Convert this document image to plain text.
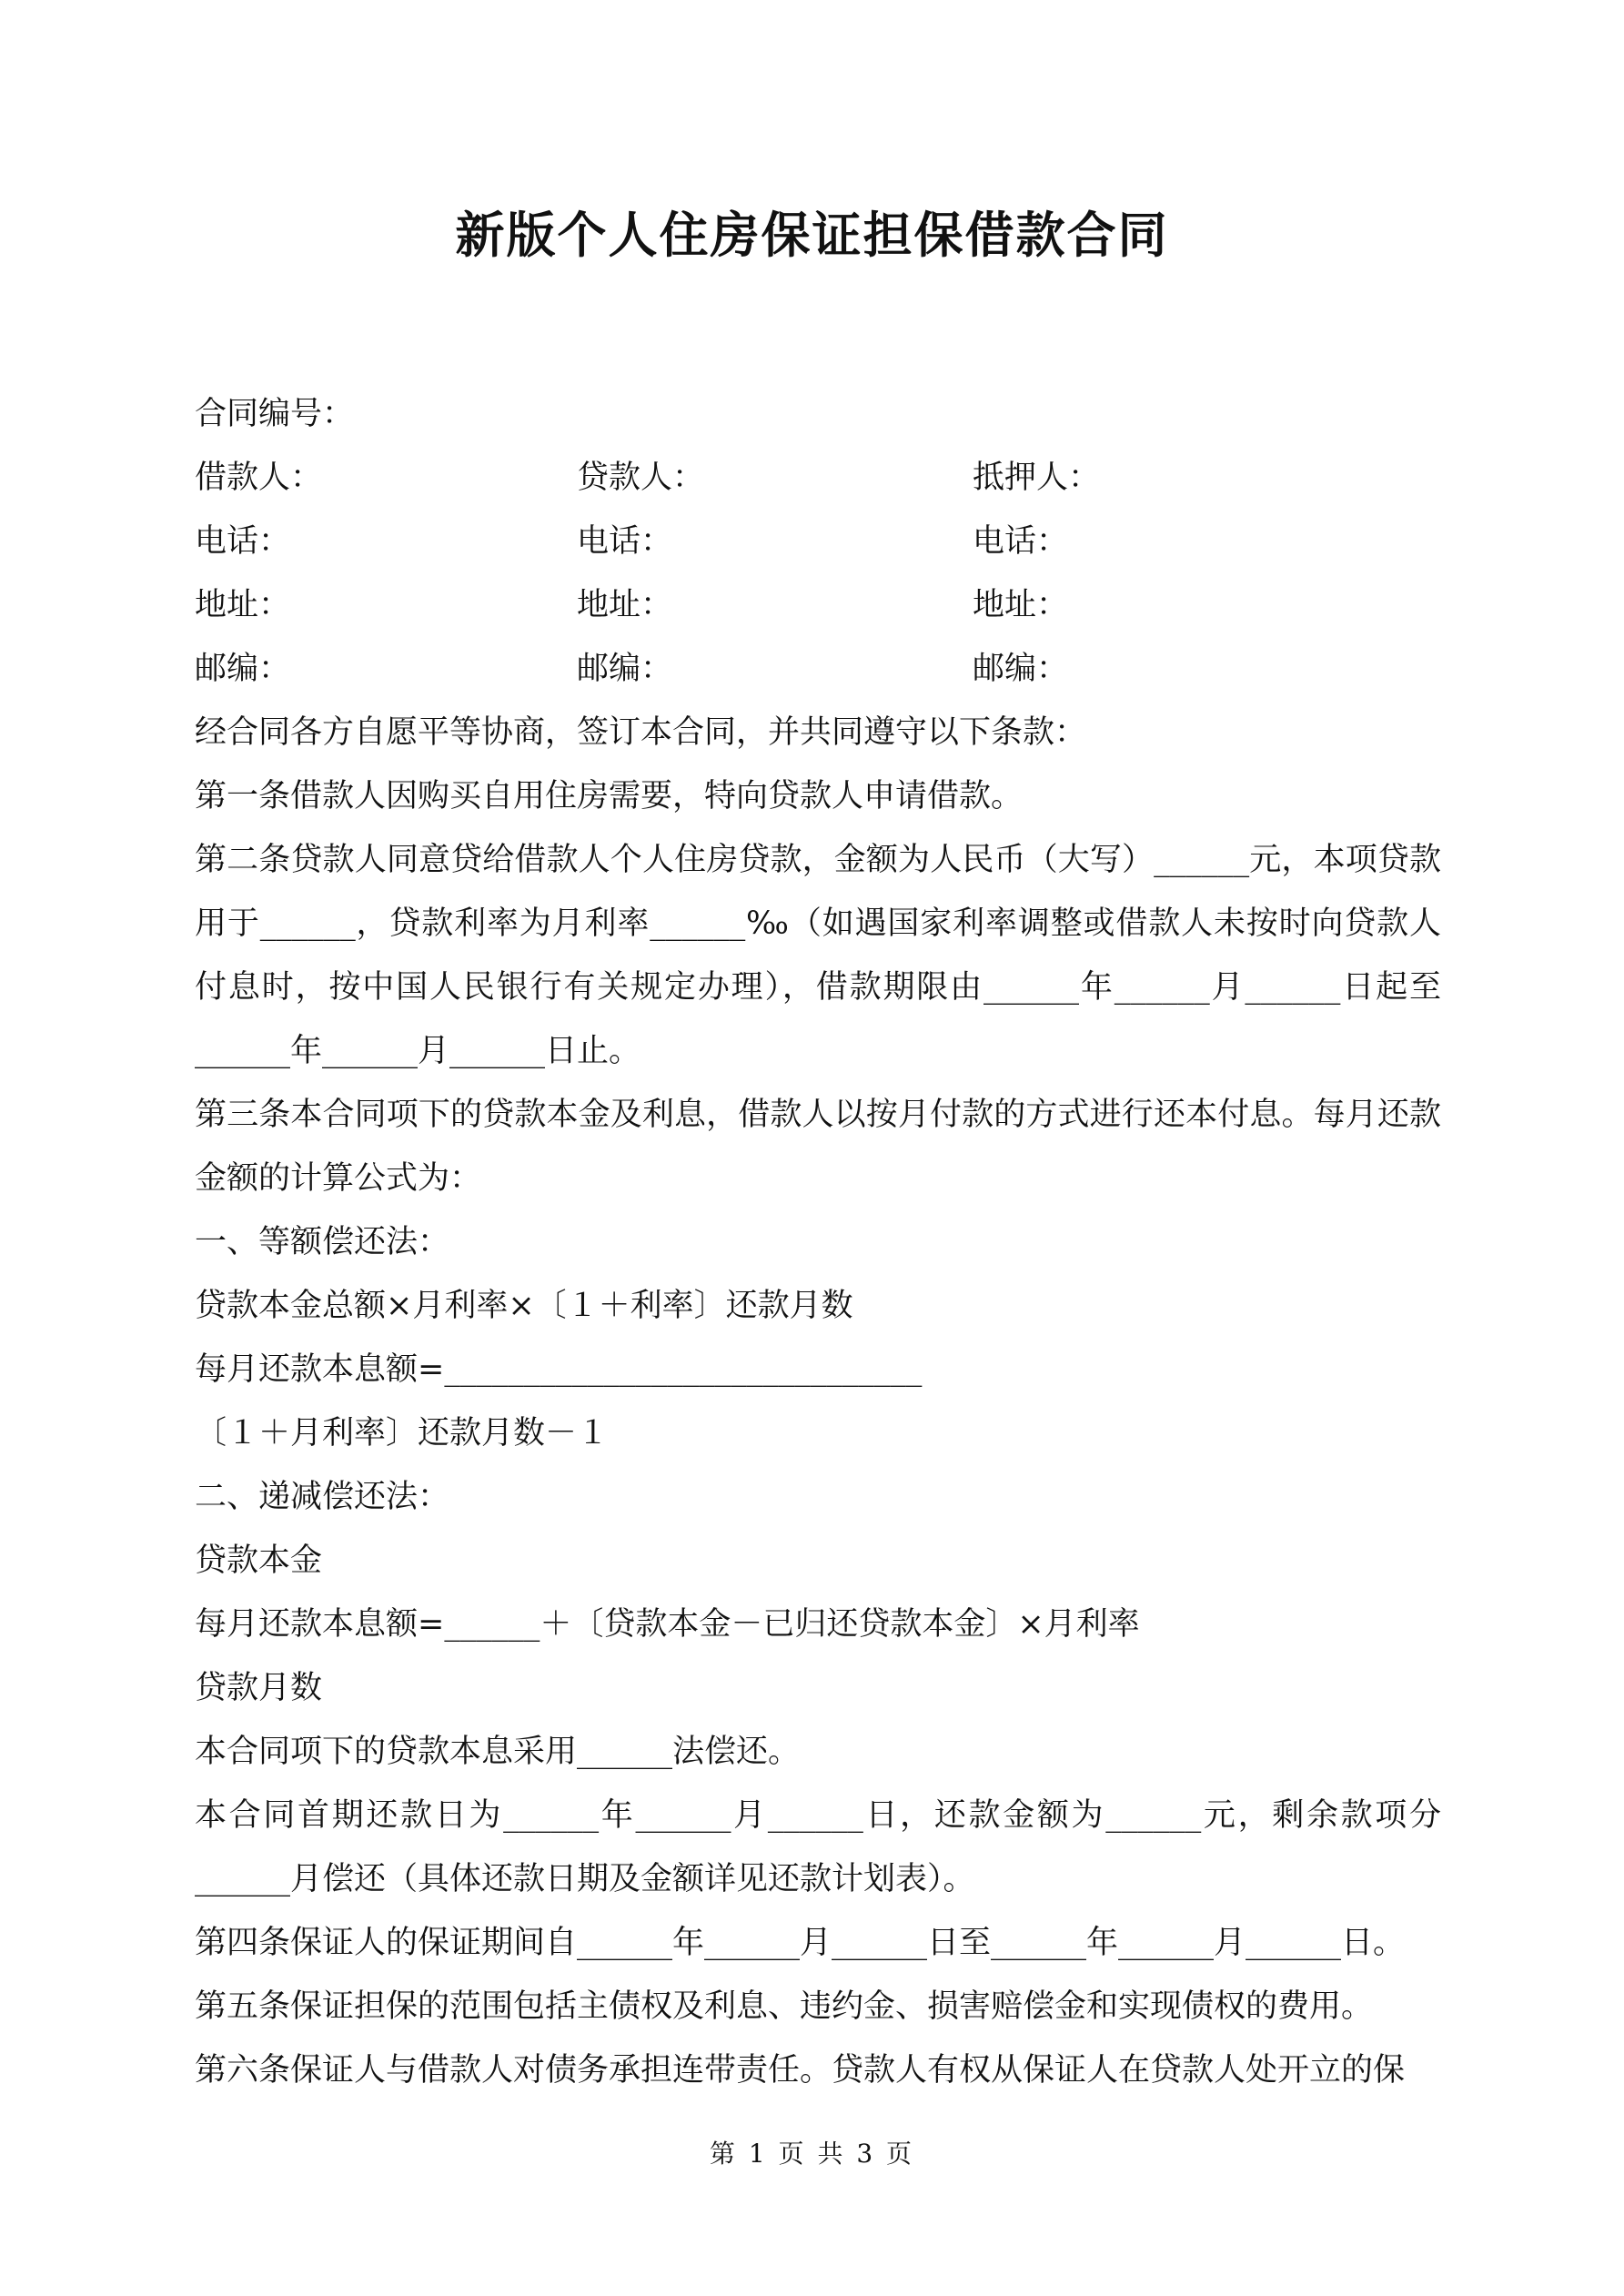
新版个人住房保证担保借款合同
合同编号：
借款人：	贷款人：	抵押人：
电话：	电话：	电话：
地址：	地址：	地址：
邮编：	邮编：	邮编：
经合同各方自愿平等协商，签订本合同，并共同遵守以下条款：
第一条借款人因购买自用住房需要，特向贷款人申请借款。
第二条贷款人同意贷给借款人个人住房贷款，金额为人民币（大写）______元，本项贷款用于______，贷款利率为月利率______‰（如遇国家利率调整或借款人未按时向贷款人付息时，按中国人民银行有关规定办理），借款期限由______年______月______日起至______年______月______日止。
第三条本合同项下的贷款本金及利息，借款人以按月付款的方式进行还本付息。每月还款金额的计算公式为：
一、等额偿还法：
贷款本金总额×月利率×〔１＋利率〕还款月数
每月还款本息额=______________________________
〔１＋月利率〕还款月数－１
二、递减偿还法：
贷款本金
每月还款本息额=______＋〔贷款本金－已归还贷款本金〕×月利率
贷款月数
本合同项下的贷款本息采用______法偿还。
本合同首期还款日为______年______月______日，还款金额为______元，剩余款项分______月偿还（具体还款日期及金额详见还款计划表）。
第四条保证人的保证期间自______年______月______日至______年______月______日。
第五条保证担保的范围包括主债权及利息、违约金、损害赔偿金和实现债权的费用。
第六条保证人与借款人对债务承担连带责任。贷款人有权从保证人在贷款人处开立的保
第 1 页 共 3 页
